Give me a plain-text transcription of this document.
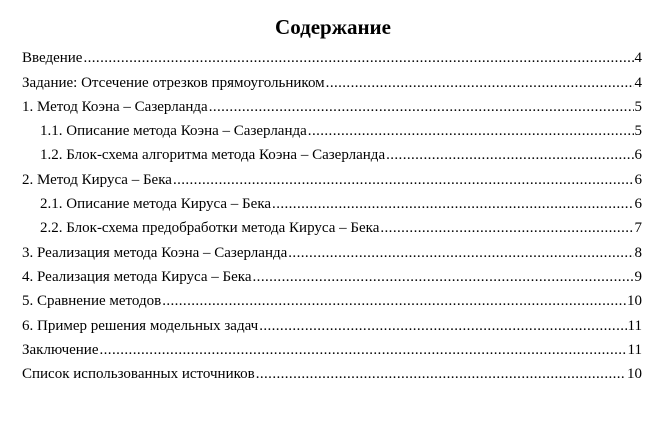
Содержание
Введение .....	4
Задание: Отсечение отрезков прямоугольником .....	4
1. Метод Коэна – Сазерланда .....	5
1.1. Описание метода Коэна – Сазерланда .....	5
1.2. Блок-схема алгоритма метода Коэна – Сазерланда .....	6
2. Метод Кируса – Бека .....	6
2.1. Описание метода Кируса – Бека .....	6
2.2. Блок-схема предобработки метода Кируса – Бека .....	7
3. Реализация метода Коэна – Сазерланда .....	8
4. Реализация метода Кируса – Бека .....	9
5. Сравнение методов .....	10
6. Пример решения модельных задач .....	11
Заключение .....	11
Список использованных источников .....	10
